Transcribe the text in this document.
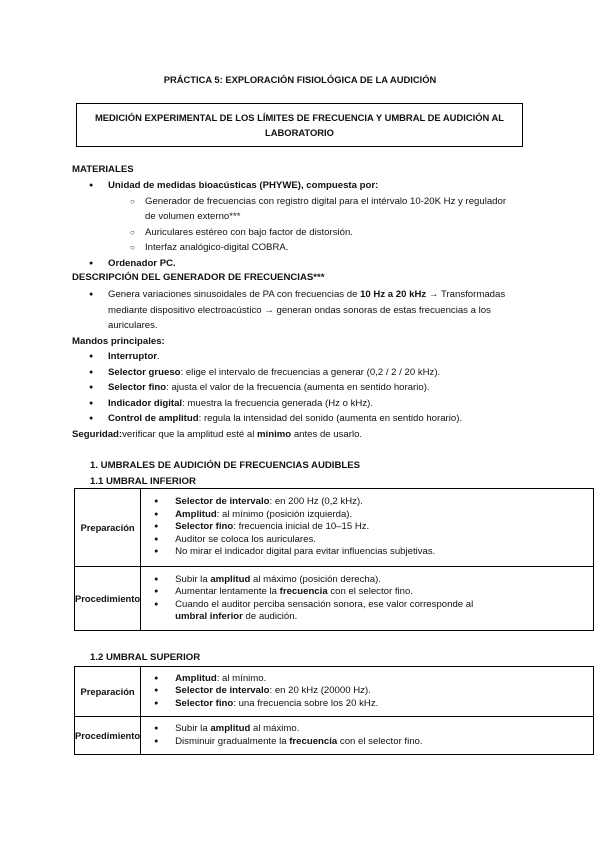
PRÁCTICA 5: EXPLORACIÓN FISIOLÓGICA DE LA AUDICIÓN
MEDICIÓN EXPERIMENTAL DE LOS LÍMITES DE FRECUENCIA Y UMBRAL DE AUDICIÓN AL
LABORATORIO
MATERIALES
● Unidad de medidas bioacústicas (PHYWE), compuesta por:
○ Generador de frecuencias con registro digital para el intérvalo 10-20K Hz y regulador
de volumen externo***
○ Auriculares estéreo con bajo factor de distorsión.
○ Interfaz analógico-digital COBRA.
● Ordenador PC.
DESCRIPCIÓN DEL GENERADOR DE FRECUENCIAS***
● Genera variaciones sinusoidales de PA con frecuencias de 10 Hz a 20 kHz → Transformadas
mediante dispositivo electroacústico → generan ondas sonoras de estas frecuencias a los
auriculares.
Mandos principales:
● Interruptor.
● Selector grueso: elige el intervalo de frecuencias a generar (0,2 / 2 / 20 kHz).
● Selector fino: ajusta el valor de la frecuencia (aumenta en sentido horario).
● Indicador digital: muestra la frecuencia generada (Hz o kHz).
● Control de amplitud: regula la intensidad del sonido (aumenta en sentido horario).
Seguridad:verificar que la amplitud esté al mínimo antes de usarlo.
1. UMBRALES DE AUDICIÓN DE FRECUENCIAS AUDIBLES
1.1 UMBRAL INFERIOR
Preparación	● Selector de intervalo: en 200 Hz (0,2 kHz).
● Amplitud: al mínimo (posición izquierda).
● Selector fino: frecuencia inicial de 10–15 Hz.
● Auditor se coloca los auriculares.
● No mirar el indicador digital para evitar influencias subjetivas.

Procedimiento	● Subir la amplitud al máximo (posición derecha).
● Aumentar lentamente la frecuencia con el selector fino.
● Cuando el auditor perciba sensación sonora, ese valor corresponde al
umbral inferior de audición.
1.2 UMBRAL SUPERIOR
Preparación	● Amplitud: al mínimo.
● Selector de intervalo: en 20 kHz (20000 Hz).
● Selector fino: una frecuencia sobre los 20 kHz.

Procedimiento	● Subir la amplitud al máximo.
● Disminuir gradualmente la frecuencia con el selector fino.
